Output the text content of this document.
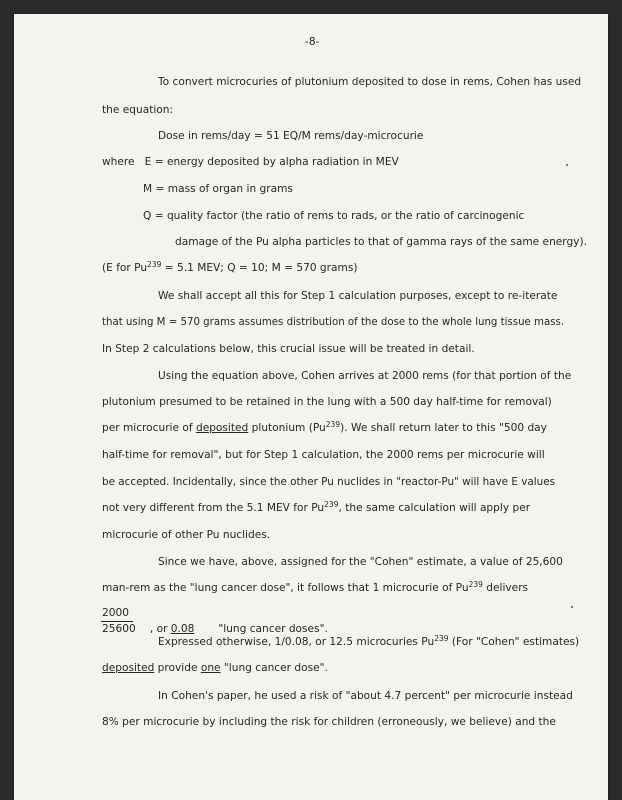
-8-
To convert microcuries of plutonium deposited to dose in rems, Cohen has used
the equation:
Dose in rems/day = 51 EQ/M rems/day-microcurie
where   E = energy deposited by alpha radiation in MEV
M = mass of organ in grams
Q = quality factor (the ratio of rems to rads, or the ratio of carcinogenic
damage of the Pu alpha particles to that of gamma rays of the same energy).
(E for $Pu^{239} = 5.1$ MEV; Q = 10; M = 570 grams)
We shall accept all this for Step 1 calculation purposes, except to re-iterate
that using M = 570 grams assumes distribution of the dose to the whole lung tissue mass.
In Step 2 calculations below, this crucial issue will be treated in detail.
Using the equation above, Cohen arrives at 2000 rems (for that portion of the
plutonium presumed to be retained in the lung with a 500 day half-time for removal)
per microcurie of deposited plutonium (Pu$^{239}$). We shall return later to this "500 day
half-time for removal", but for Step 1 calculation, the 2000 rems per microcurie will
be accepted. Incidentally, since the other Pu nuclides in "reactor-Pu" will have E values
not very different from the 5.1 MEV for Pu$^{239}$, the same calculation will apply per
microcurie of other Pu nuclides.
Since we have, above, assigned for the "Cohen" estimate, a value of 25,600
man-rem as the "lung cancer dose", it follows that 1 microcurie of Pu$^{239}$ delivers
2000
25600	, or 0.08 "lung cancer doses".

Expressed otherwise, 1/0.08, or 12.5 microcuries Pu$^{239}$ (For "Cohen" estimates)
deposited provide one "lung cancer dose".
In Cohen's paper, he used a risk of "about 4.7 percent" per microcurie instead
8% per microcurie by including the risk for children (erroneously, we believe) and the
